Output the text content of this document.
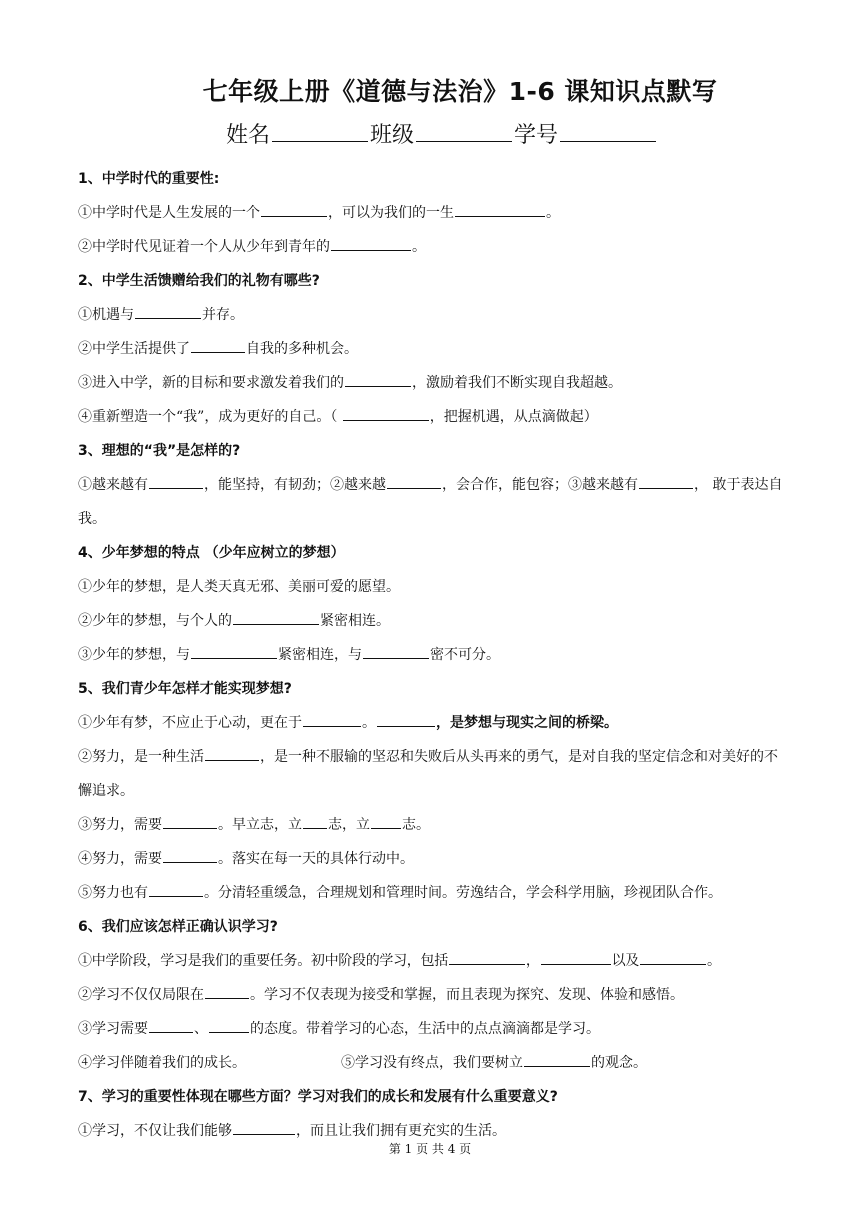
七年级上册《道德与法治》1-6 课知识点默写
姓名	班级	学号
1、中学时代的重要性:
①中学时代是人生发展的一个	，可以为我们的一生	。
②中学时代见证着一个人从少年到青年的	。
2、中学生活馈赠给我们的礼物有哪些?
①机遇与	并存。
②中学生活提供了	自我的多种机会。
③进入中学，新的目标和要求激发着我们的	，激励着我们不断实现自我超越。
④重新塑造一个“我”，成为更好的自己。（	，把握机遇，从点滴做起）
3、理想的“我”是怎样的?
①越来越有	，能坚持，有韧劲；②越来越	，会合作，能包容；③越来越有	， 敢于表达自我。
4、少年梦想的特点 （少年应树立的梦想）
①少年的梦想，是人类天真无邪、美丽可爱的愿望。
②少年的梦想，与个人的	紧密相连。
③少年的梦想，与	紧密相连，与	密不可分。
5、我们青少年怎样才能实现梦想?
①少年有梦，不应止于心动，更在于	。	，是梦想与现实之间的桥梁。
②努力，是一种生活	，是一种不服输的坚忍和失败后从头再来的勇气，是对自我的坚定信念和对美好的不懈追求。
③努力，需要	。早立志，立 志，立 志。
④努力，需要	。落实在每一天的具体行动中。
⑤努力也有	。分清轻重缓急，合理规划和管理时间。劳逸结合，学会科学用脑，珍视团队合作。
6、我们应该怎样正确认识学习?
①中学阶段，学习是我们的重要任务。初中阶段的学习，包括	，	以及	。
②学习不仅仅局限在	。学习不仅表现为接受和掌握，而且表现为探究、发现、体验和感悟。
③学习需要	、	的态度。带着学习的心态，生活中的点点滴滴都是学习。
④学习伴随着我们的成长。	⑤学习没有终点，我们要树立	的观念。
7、学习的重要性体现在哪些方面？学习对我们的成长和发展有什么重要意义?
①学习，不仅让我们能够	，而且让我们拥有更充实的生活。
第 1 页 共 4 页
